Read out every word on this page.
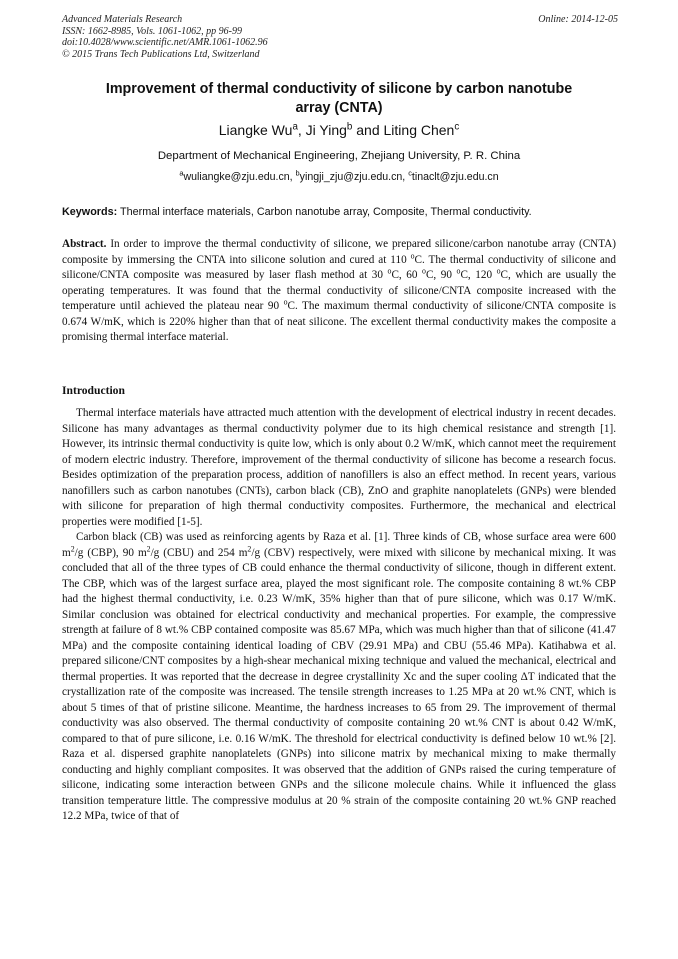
Advanced Materials Research
ISSN: 1662-8985, Vols. 1061-1062, pp 96-99
doi:10.4028/www.scientific.net/AMR.1061-1062.96
© 2015 Trans Tech Publications Ltd, Switzerland
Online: 2014-12-05
Improvement of thermal conductivity of silicone by carbon nanotube
array (CNTA)
Liangke Wu$^a$, Ji Ying$^b$ and Liting Chen$^c$
Department of Mechanical Engineering, Zhejiang University, P. R. China
$^a$wuliangke@zju.edu.cn, $^b$yingji_zju@zju.edu.cn, $^c$tinaclt@zju.edu.cn
Keywords: Thermal interface materials, Carbon nanotube array, Composite, Thermal conductivity.
Abstract. In order to improve the thermal conductivity of silicone, we prepared silicone/carbon nanotube array (CNTA) composite by immersing the CNTA into silicone solution and cured at 110 $^o$C. The thermal conductivity of silicone and silicone/CNTA composite was measured by laser flash method at 30 $^o$C, 60 $^o$C, 90 $^o$C, 120 $^o$C, which are usually the operating temperatures. It was found that the thermal conductivity of silicone/CNTA composite increased with the temperature until achieved the plateau near 90 $^o$C. The maximum thermal conductivity of silicone/CNTA composite is 0.674 W/mK, which is 220% higher than that of neat silicone. The excellent thermal conductivity makes the composite a promising thermal interface material.
Introduction

Thermal interface materials have attracted much attention with the development of electrical industry in recent decades. Silicone has many advantages as thermal conductivity polymer due to its high chemical resistance and strength [1]. However, its intrinsic thermal conductivity is quite low, which is only about 0.2 W/mK, which cannot meet the requirement of modern electric industry. Therefore, improvement of the thermal conductivity of silicone has become a research focus. Besides optimization of the preparation process, addition of nanofillers is also an effect method. In recent years, various nanofillers such as carbon nanotubes (CNTs), carbon black (CB), ZnO and graphite nanoplatelets (GNPs) were blended with silicone for preparation of high thermal conductivity composites. Furthermore, the mechanical and electrical properties were modified [1-5].

Carbon black (CB) was used as reinforcing agents by Raza et al. [1]. Three kinds of CB, whose surface area were 600 $m^2/g$ (CBP), 90 $m^2/g$ (CBU) and 254 $m^2/g$ (CBV) respectively, were mixed with silicone by mechanical mixing. It was concluded that all of the three types of CB could enhance the thermal conductivity of silicone, though in different extent. The CBP, which was of the largest surface area, played the most significant role. The composite containing 8 wt.% CBP had the highest thermal conductivity, i.e. 0.23 W/mK, 35% higher than that of pure silicone, which was 0.17 W/mK. Similar conclusion was obtained for electrical conductivity and mechanical properties. For example, the compressive strength at failure of 8 wt.% CBP contained composite was 85.67 MPa, which was much higher than that of silicone (41.47 MPa) and the composite containing identical loading of CBV (29.91 MPa) and CBU (55.46 MPa). Katihabwa et al. prepared silicone/CNT composites by a high-shear mechanical mixing technique and valued the mechanical, electrical and thermal properties. It was reported that the decrease in degree crystallinity Xc and the super cooling ΔT indicated that the crystallization rate of the composite was increased. The tensile strength increases to 1.25 MPa at 20 wt.% CNT, which is about 5 times of that of pristine silicone. Meantime, the hardness increases to 65 from 29. The improvement of thermal conductivity was also observed. The thermal conductivity of composite containing 20 wt.% CNT is about 0.42 W/mK, compared to that of pure silicone, i.e. 0.16 W/mK. The threshold for electrical conductivity is defined below 10 wt.% [2]. Raza et al. dispersed graphite nanoplatelets (GNPs) into silicone matrix by mechanical mixing to make thermally conducting and highly compliant composites. It was observed that the addition of GNPs raised the curing temperature of silicone, indicating some interaction between GNPs and the silicone molecule chains. While it influenced the glass transition temperature little. The compressive modulus at 20 % strain of the composite containing 20 wt.% GNP reached 12.2 MPa, twice of that of
